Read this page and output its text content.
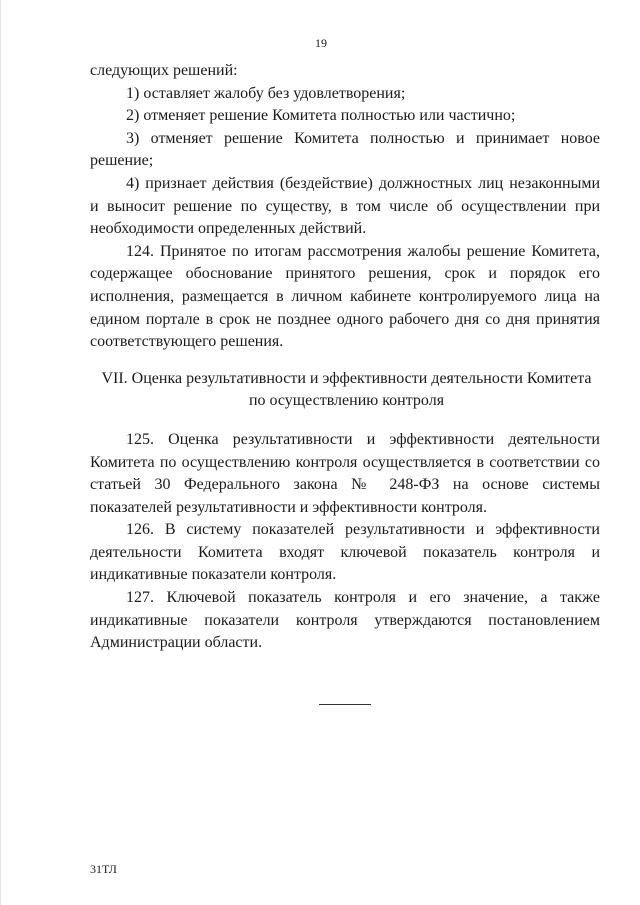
19
следующих решений:
1) оставляет жалобу без удовлетворения;
2) отменяет решение Комитета полностью или частично;
3) отменяет решение Комитета полностью и принимает новое
решение;
4) признает действия (бездействие) должностных лиц незаконными
и выносит решение по существу, в том числе об осуществлении при
необходимости определенных действий.
124. Принятое по итогам рассмотрения жалобы решение Комитета,
содержащее обоснование принятого решения, срок и порядок его
исполнения, размещается в личном кабинете контролируемого лица на
едином портале в срок не позднее одного рабочего дня со дня принятия
соответствующего решения.
VII. Оценка результативности и эффективности деятельности Комитета
по осуществлению контроля
125. Оценка результативности и эффективности деятельности
Комитета по осуществлению контроля осуществляется в соответствии со
статьей 30 Федерального закона № 248-ФЗ на основе системы
показателей результативности и эффективности контроля.
126. В систему показателей результативности и эффективности
деятельности Комитета входят ключевой показатель контроля и
индикативные показатели контроля.
127. Ключевой показатель контроля и его значение, а также
индикативные показатели контроля утверждаются постановлением
Администрации области.
31ТЛ
